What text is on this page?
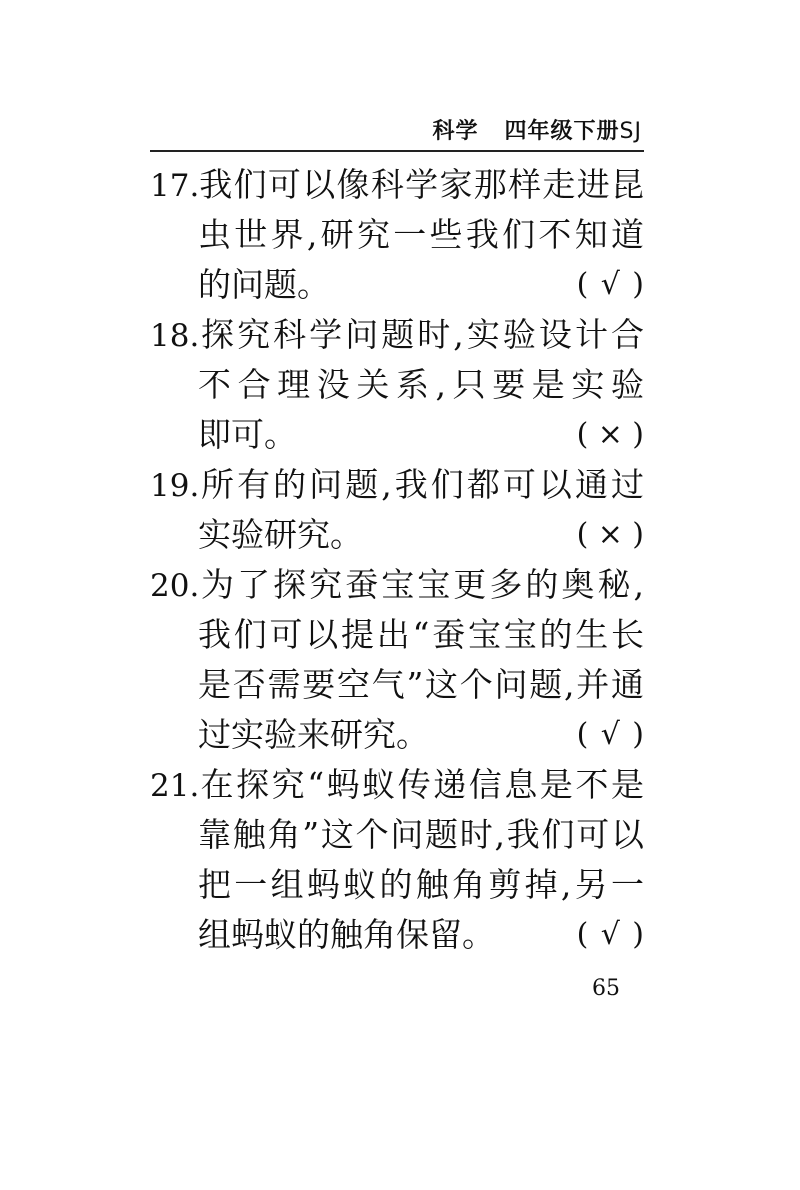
科学 四年级下册SJ
17.我们可以像科学家那样走进昆
虫世界,研究一些我们不知道
的问题。	( √ )
18.探究科学问题时,实验设计合
不合理没关系,只要是实验
即可。	( × )
19.所有的问题,我们都可以通过
实验研究。	( × )
20.为了探究蚕宝宝更多的奥秘,
我们可以提出“蚕宝宝的生长
是否需要空气”这个问题,并通
过实验来研究。	( √ )
21.在探究“蚂蚁传递信息是不是
靠触角”这个问题时,我们可以
把一组蚂蚁的触角剪掉,另一
组蚂蚁的触角保留。	( √ )
65
